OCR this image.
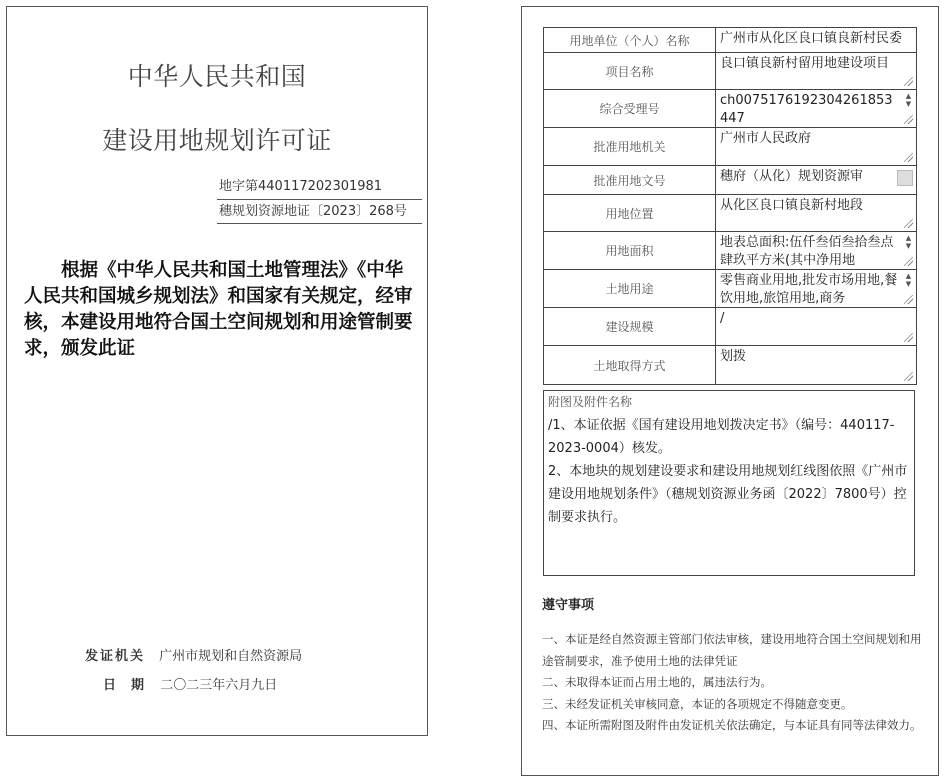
中华人民共和国
建设用地规划许可证
地字第440117202301981
穗规划资源地证〔2023〕268号
根据《中华人民共和国土地管理法》《中华人民共和国城乡规划法》和国家有关规定，经审核，本建设用地符合国土空间规划和用途管制要求，颁发此证
发证机关 广州市规划和自然资源局
日  期 二〇二三年六月九日
用地单位（个人）名称	广州市从化区良口镇良新村民委
项目名称
良口镇良新村留用地建设项目
综合受理号
ch007517619230426185344​7
▲
▼
批准用地机关
广州市人民政府
批准用地文号	穗府（从化）规划资源审
用地位置
从化区良口镇良新村地段
用地面积
地表总面积:伍仟叁佰叁拾叁点肆玖平方米(其中净用地
▲
▼
土地用途
零售商业用地,批发市场用地,餐饮用地,旅馆用地,商务
▲
▼
建设规模
/
土地取得方式
划拨
附图及附件名称
/1、本证依据《国有建设用地划拨决定书》（编号：440117-2023-0004）核发。
2、本地块的规划建设要求和建设用地规划红线图依照《广州市建设用地规划条件》（穗规划资源业务函〔2022〕7800号）控制要求执行。
遵守事项
一、本证是经自然资源主管部门依法审核，建设用地符合国土空间规划和用途管制要求，准予使用土地的法律凭证
二、未取得本证而占用土地的，属违法行为。
三、未经发证机关审核同意，本证的各项规定不得随意变更。
四、本证所需附图及附件由发证机关依法确定，与本证具有同等法律效力。
